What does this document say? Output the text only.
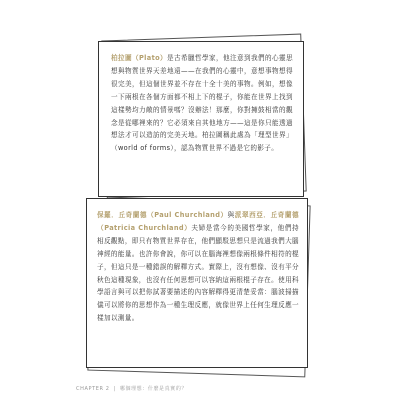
柏拉圖（Plato）是古希臘哲學家，他注意到我們的心靈思想與物質世界天差地遠——在我們的心靈中，意想事物想得很完美，但這個世界並不存在十全十美的事物。例如，想像一下兩根在各個方面都不相上下的棍子，你能在世界上找到這樣勢均力敵的情景嗎？沒辦法！那麼，你對擁鼓相當的觀念是從哪裡來的？它必須來自其他地方——這是你只能透過想法才可以造訪的完美天地。柏拉圖稱此處為「理型世界」（world of forms），認為物質世界不過是它的影子。
保羅．丘奇蘭德（Paul Churchland）與派翠西亞．丘奇蘭德（Patricia Churchland）夫婦是當今的美國哲學家，他們持相反觀點，即只有物質世界存在，他們顯駁思想只是流過我們大腦神經的能量。也許你會說，你可以在腦海裡想像兩根條件相符的棍子，但這只是一種錯誤的解釋方式。實際上，沒有想像、沒有平分秋色這種現象，也沒有任何思想可以容納這兩根棍子存在。使用科學語言與可以把你試著要描述的內容解釋得更清楚妥當：腦波掃描儀可以將你的思想作為一種生理反應，就像世界上任何生理反應一樣加以測量。
CHAPTER 2 | 哪個理想：什麼是真實的？
